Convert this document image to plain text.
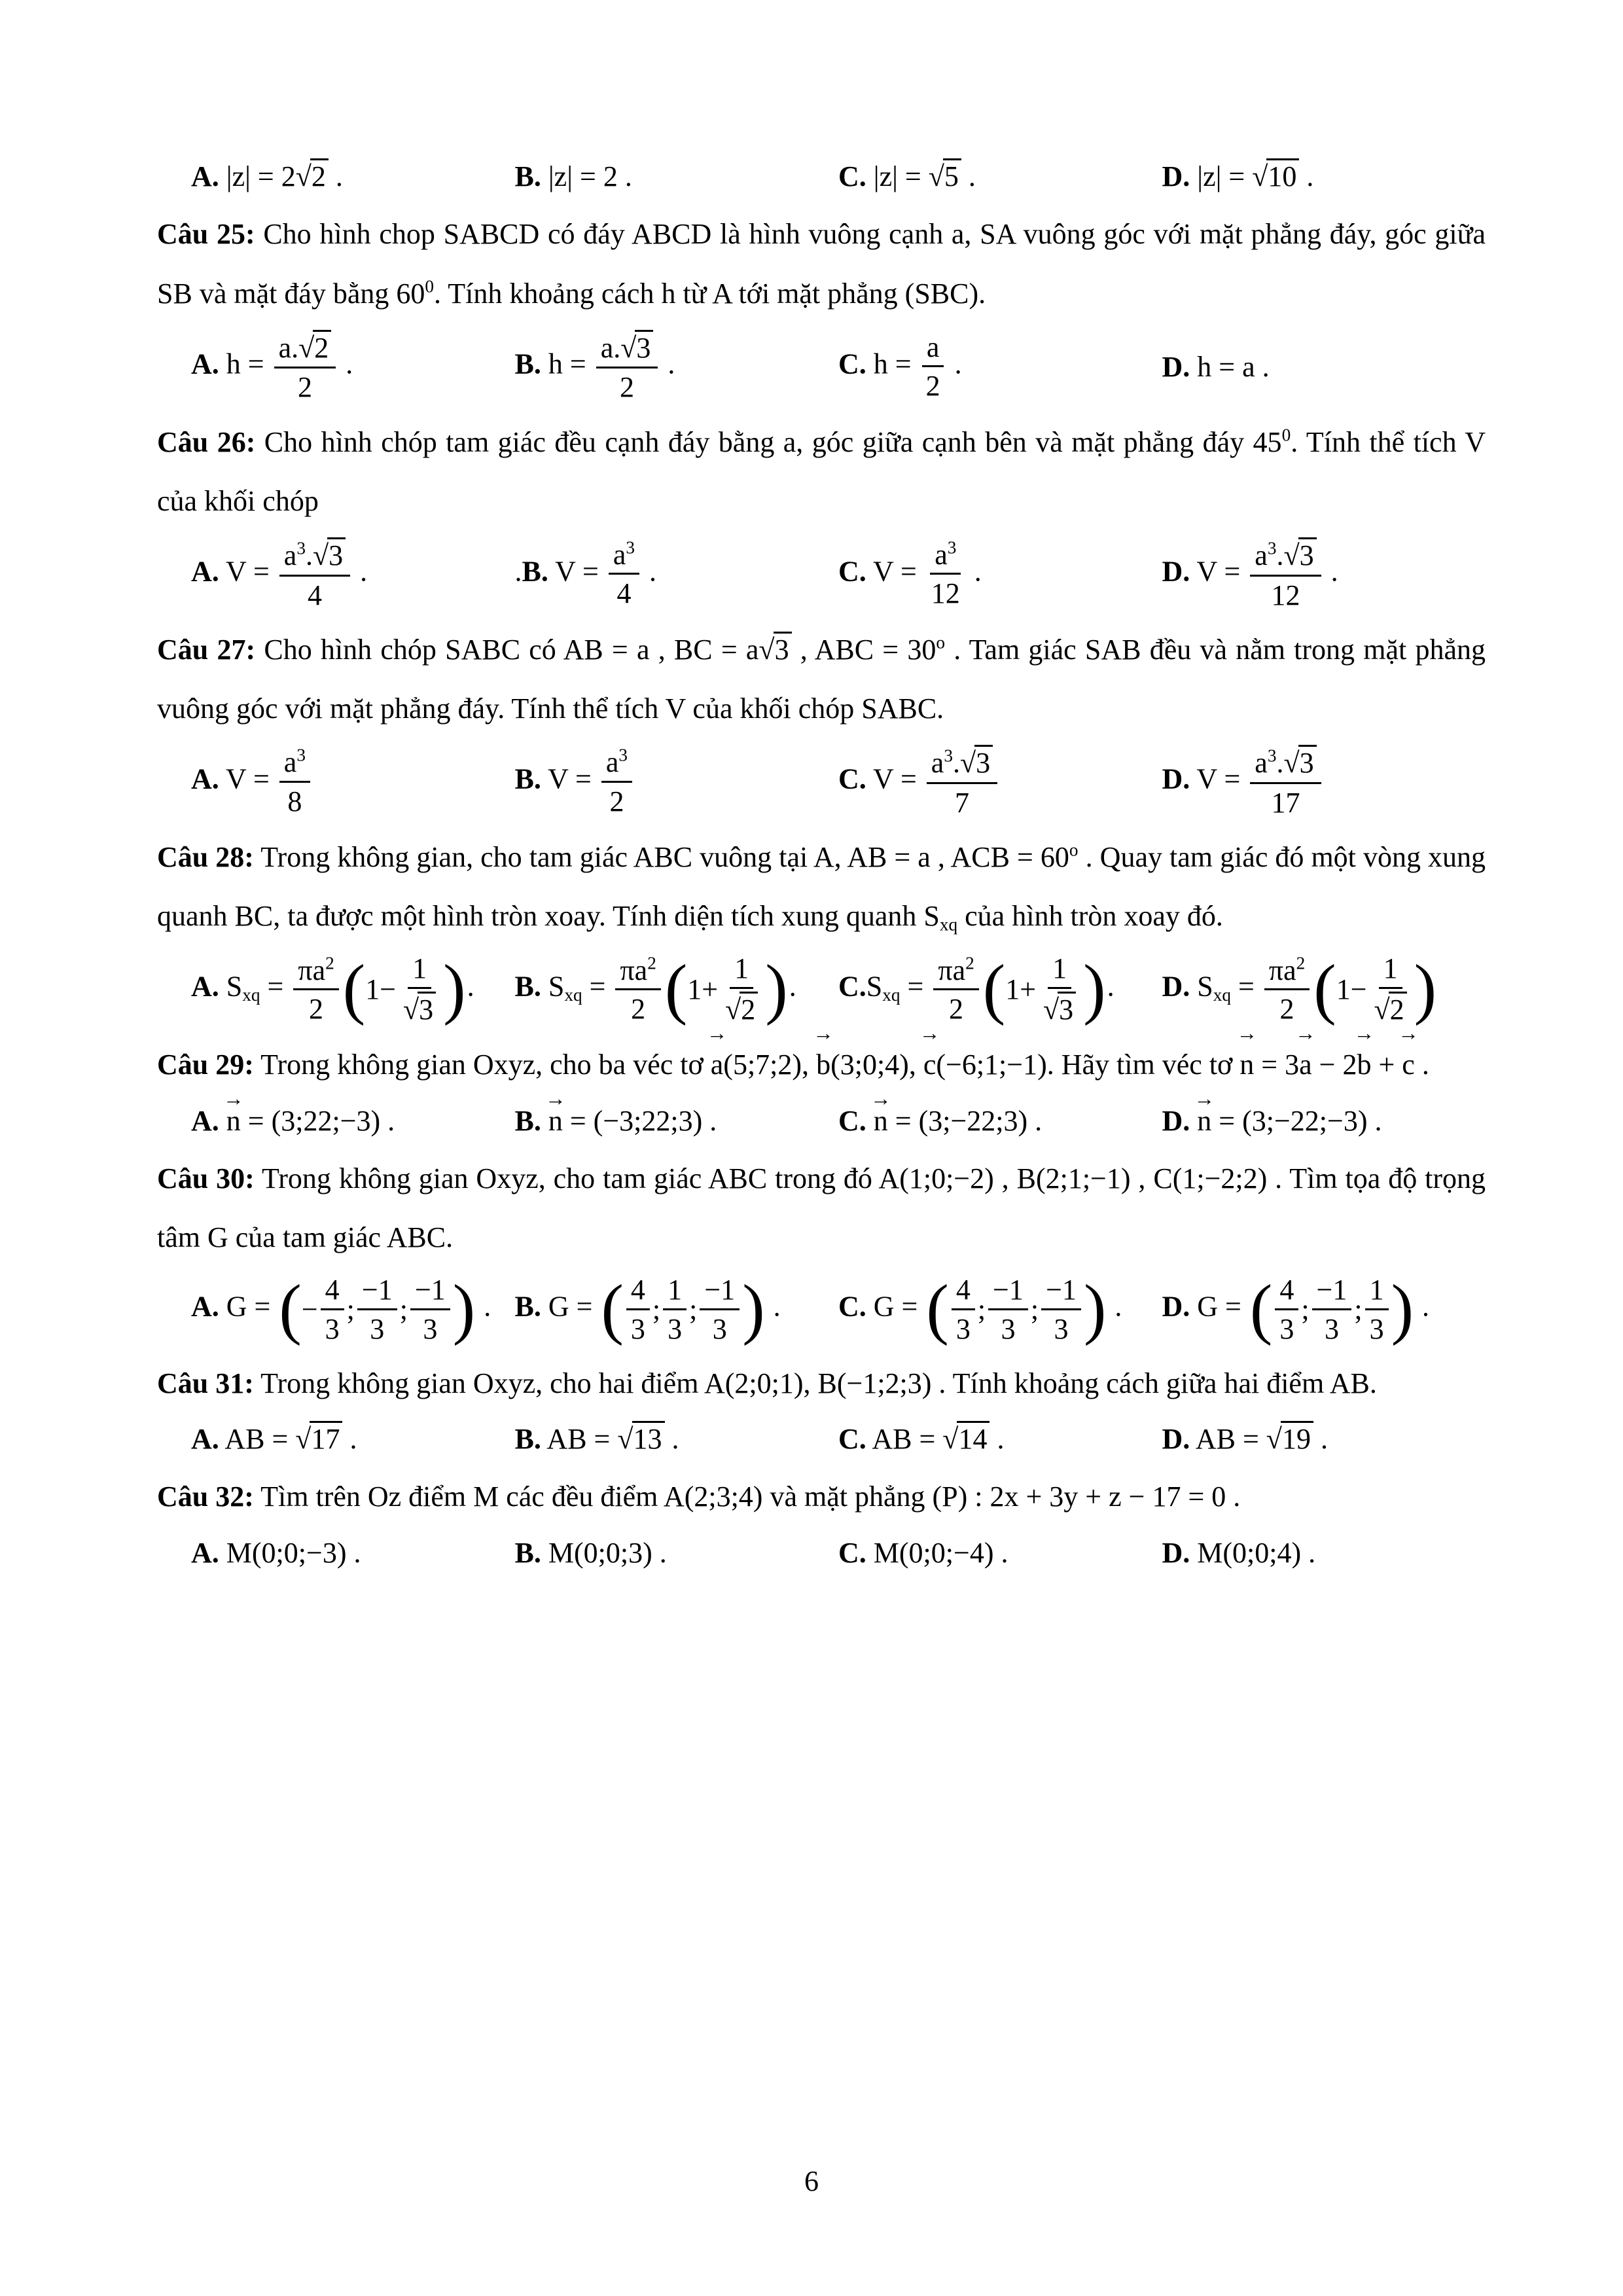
A. |z| = 2√2 .	B. |z| = 2 .	C. |z| = √5 .	D. |z| = √10 .
Câu 25: Cho hình chop SABCD có đáy ABCD là hình vuông cạnh a, SA vuông góc với mặt phẳng đáy, góc giữa SB và mặt đáy bằng $60^0$. Tính khoảng cách h từ A tới mặt phẳng (SBC).
A. $h = \frac{a.√2}{2}$ .	B. $h = \frac{a.√3}{2}$ .	C. $h = \frac{a}{2}$ .	D. h = a .
Câu 26: Cho hình chóp tam giác đều cạnh đáy bằng a, góc giữa cạnh bên và mặt phẳng đáy $45^0$. Tính thể tích V của khối chóp
A. $V = \frac{a^3.√3}{4}$ .	.B. $V = \frac{a^3}{4}$ .	C. $V = \frac{a^3}{12}$ .	D. $V = \frac{a^3.√3}{12}$ .
Câu 27: Cho hình chóp SABC có AB = a , BC = a√3 , ABC = $30^o$ . Tam giác SAB đều và nằm trong mặt phẳng vuông góc với mặt phẳng đáy. Tính thể tích V của khối chóp SABC.
A. $V = \frac{a^3}{8}$	B. $V = \frac{a^3}{2}$	C. $V = \frac{a^3.√3}{7}$	D. $V = \frac{a^3.√3}{17}$
Câu 28: Trong không gian, cho tam giác ABC vuông tại A, AB = a , ACB = $60^o$ . Quay tam giác đó một vòng xung quanh BC, ta được một hình tròn xoay. Tính diện tích xung quanh $S_{xq}$ của hình tròn xoay đó.
A. $S_{xq} = \frac{\pi a^2}{2}$ ( $1- \frac{1}{√3}$ ) .	B. $S_{xq} = \frac{\pi a^2}{2}$ ( $1+ \frac{1}{√2}$ ) .	$C.S_{xq} = \frac{\pi a^2}{2}$ ( $1+ \frac{1}{√3}$ ) .	D. $S_{xq} = \frac{\pi a^2}{2}$ ( $1- \frac{1}{√2}$ )
Câu 29: Trong không gian Oxyz, cho ba véc tơ
→
a(5;7;2),
→
b(3;0;4),
→
c(−6;1;−1). Hãy tìm véc tơ
→
n = 3
→
a − 2
→
b +
→
c .
A.
→
n = (3;22;−3) .	B.
→
n = (−3;22;3) .	C.
→
n = (3;−22;3) .	D.
→
n = (3;−22;−3) .
Câu 30: Trong không gian Oxyz, cho tam giác ABC trong đó A(1;0;−2) , B(2;1;−1) , C(1;−2;2) . Tìm tọa độ trọng tâm G của tam giác ABC.
A. G = ( − $\frac{4}{3}$ ; $\frac{-1}{3}$ ; $\frac{-1}{3}$ ) . B. G = ( $\frac{4}{3}$ ; $\frac{1}{3}$ ; $\frac{-1}{3}$ ) .	C. G = ( $\frac{4}{3}$ ; $\frac{-1}{3}$ ; $\frac{-1}{3}$ ) .	D. G = ( $\frac{4}{3}$ ; $\frac{-1}{3}$ ; $\frac{1}{3}$ ) .
Câu 31: Trong không gian Oxyz, cho hai điểm A(2;0;1), B(−1;2;3) . Tính khoảng cách giữa hai điểm AB.
A. AB = √17 .	B. AB = √13 .	C. AB = √14 .	D. AB = √19 .
Câu 32: Tìm trên Oz điểm M các đều điểm A(2;3;4) và mặt phẳng (P) : 2x + 3y + z − 17 = 0 .
A. M(0;0;−3) .	B. M(0;0;3) .	C. M(0;0;−4) .	D. M(0;0;4) .
6
